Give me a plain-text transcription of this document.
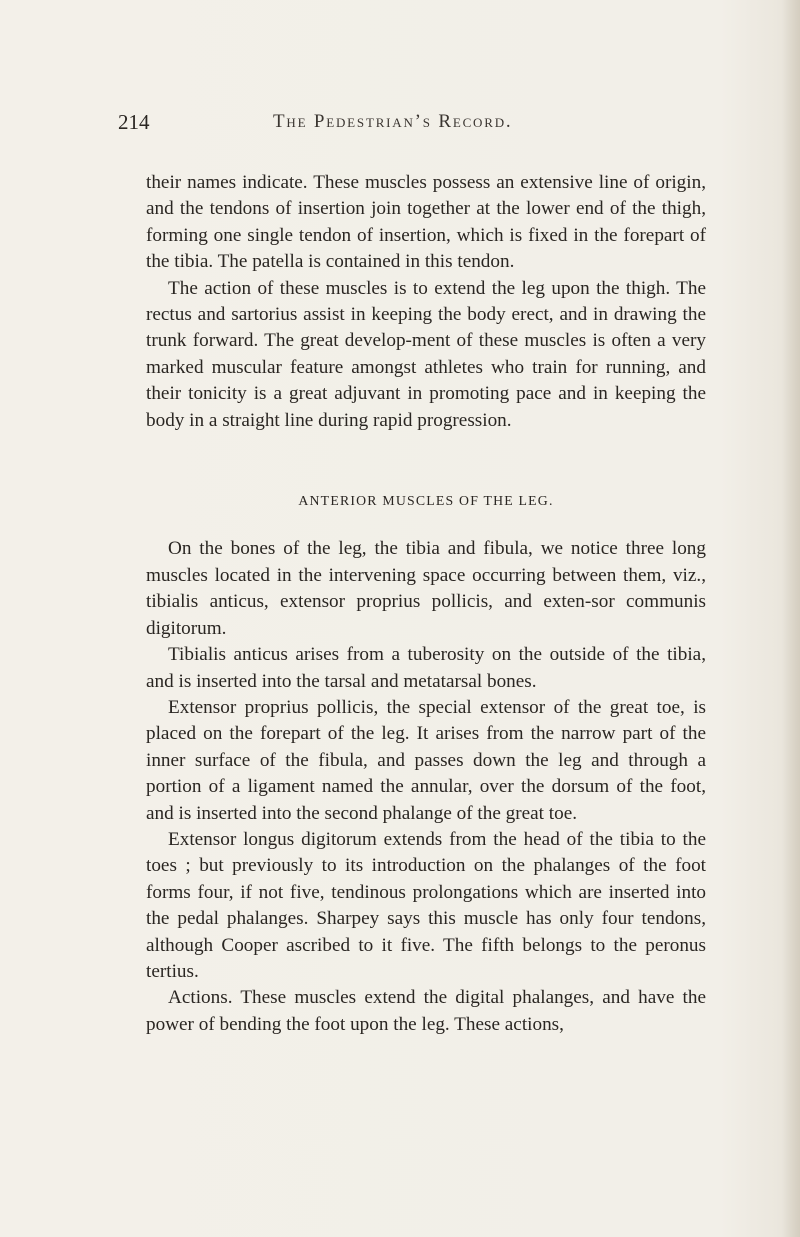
214	The Pedestrian’s Record.

their names indicate. These muscles possess an extensive line of origin, and the tendons of insertion join together at the lower end of the thigh, forming one single tendon of insertion, which is fixed in the forepart of the tibia. The patella is contained in this tendon.

The action of these muscles is to extend the leg upon the thigh. The rectus and sartorius assist in keeping the body erect, and in drawing the trunk forward. The great develop-ment of these muscles is often a very marked muscular feature amongst athletes who train for running, and their tonicity is a great adjuvant in promoting pace and in keeping the body in a straight line during rapid progression.

ANTERIOR MUSCLES OF THE LEG.

On the bones of the leg, the tibia and fibula, we notice three long muscles located in the intervening space occurring between them, viz., tibialis anticus, extensor proprius pollicis, and exten-sor communis digitorum.

Tibialis anticus arises from a tuberosity on the outside of the tibia, and is inserted into the tarsal and metatarsal bones.

Extensor proprius pollicis, the special extensor of the great toe, is placed on the forepart of the leg. It arises from the narrow part of the inner surface of the fibula, and passes down the leg and through a portion of a ligament named the annular, over the dorsum of the foot, and is inserted into the second phalange of the great toe.

Extensor longus digitorum extends from the head of the tibia to the toes ; but previously to its introduction on the phalanges of the foot forms four, if not five, tendinous prolongations which are inserted into the pedal phalanges. Sharpey says this muscle has only four tendons, although Cooper ascribed to it five. The fifth belongs to the peronus tertius.

Actions. These muscles extend the digital phalanges, and have the power of bending the foot upon the leg. These actions,
